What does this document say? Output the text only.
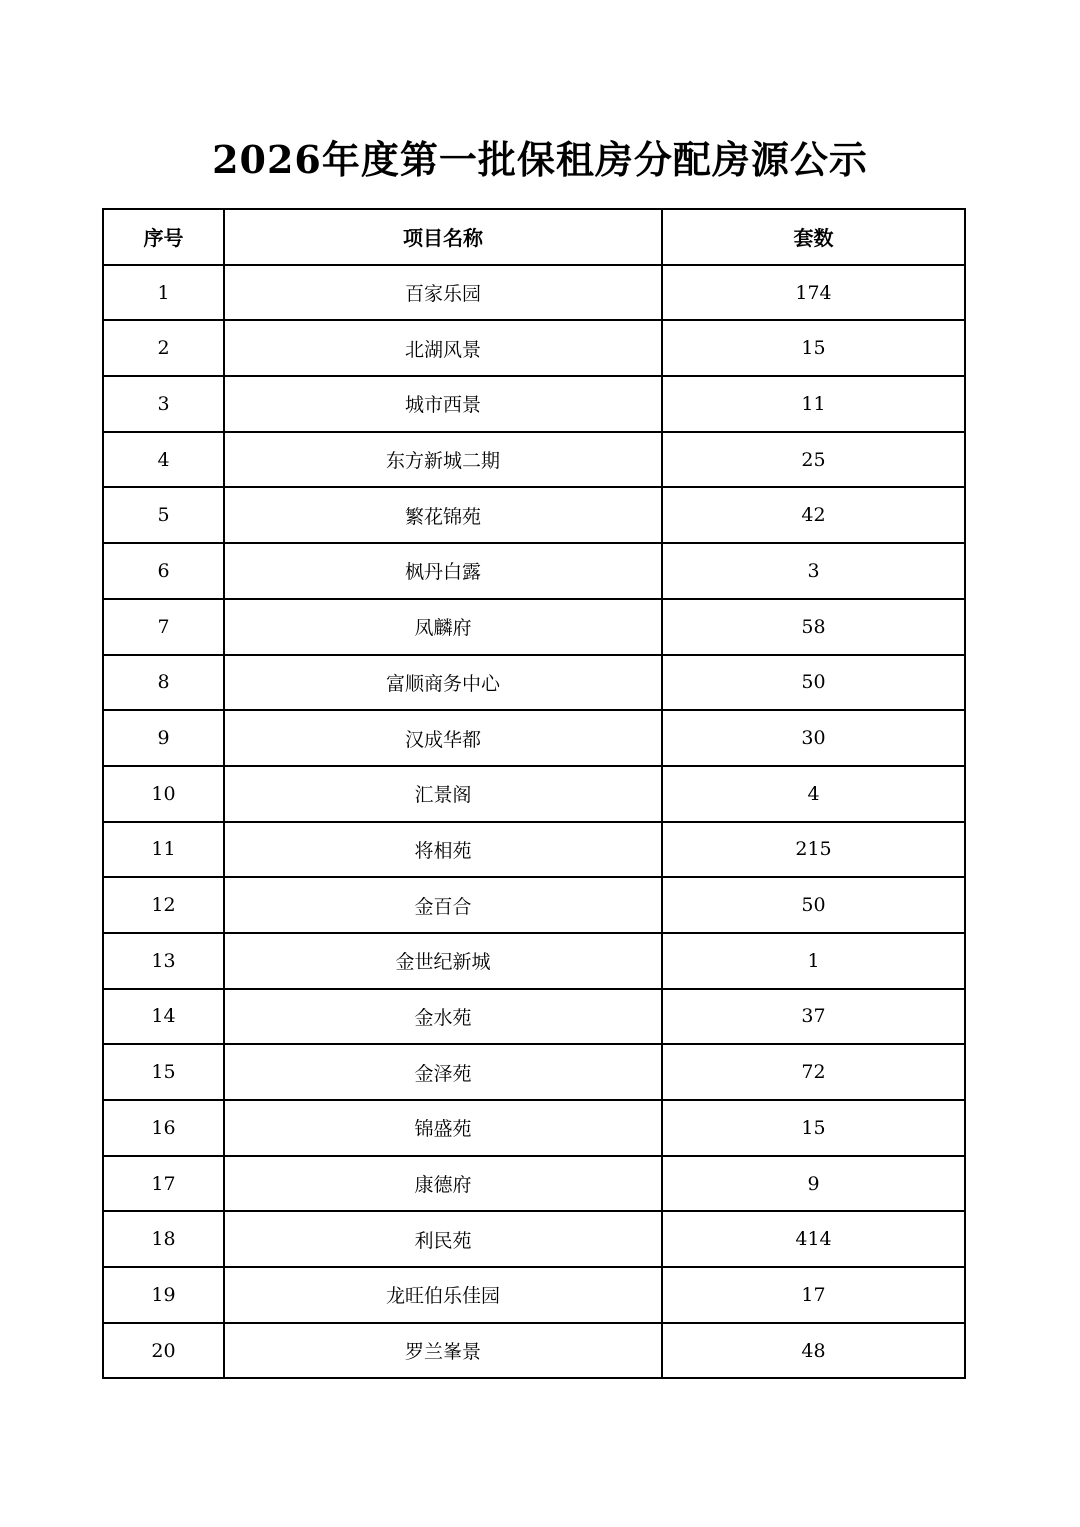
2026年度第一批保租房分配房源公示
序号	项目名称	套数
1	百家乐园	174
2	北湖风景	15
3	城市西景	11
4	东方新城二期	25
5	繁花锦苑	42
6	枫丹白露	3
7	凤麟府	58
8	富顺商务中心	50
9	汉成华都	30
10	汇景阁	4
11	将相苑	215
12	金百合	50
13	金世纪新城	1
14	金水苑	37
15	金泽苑	72
16	锦盛苑	15
17	康德府	9
18	利民苑	414
19	龙旺伯乐佳园	17
20	罗兰峯景	48
